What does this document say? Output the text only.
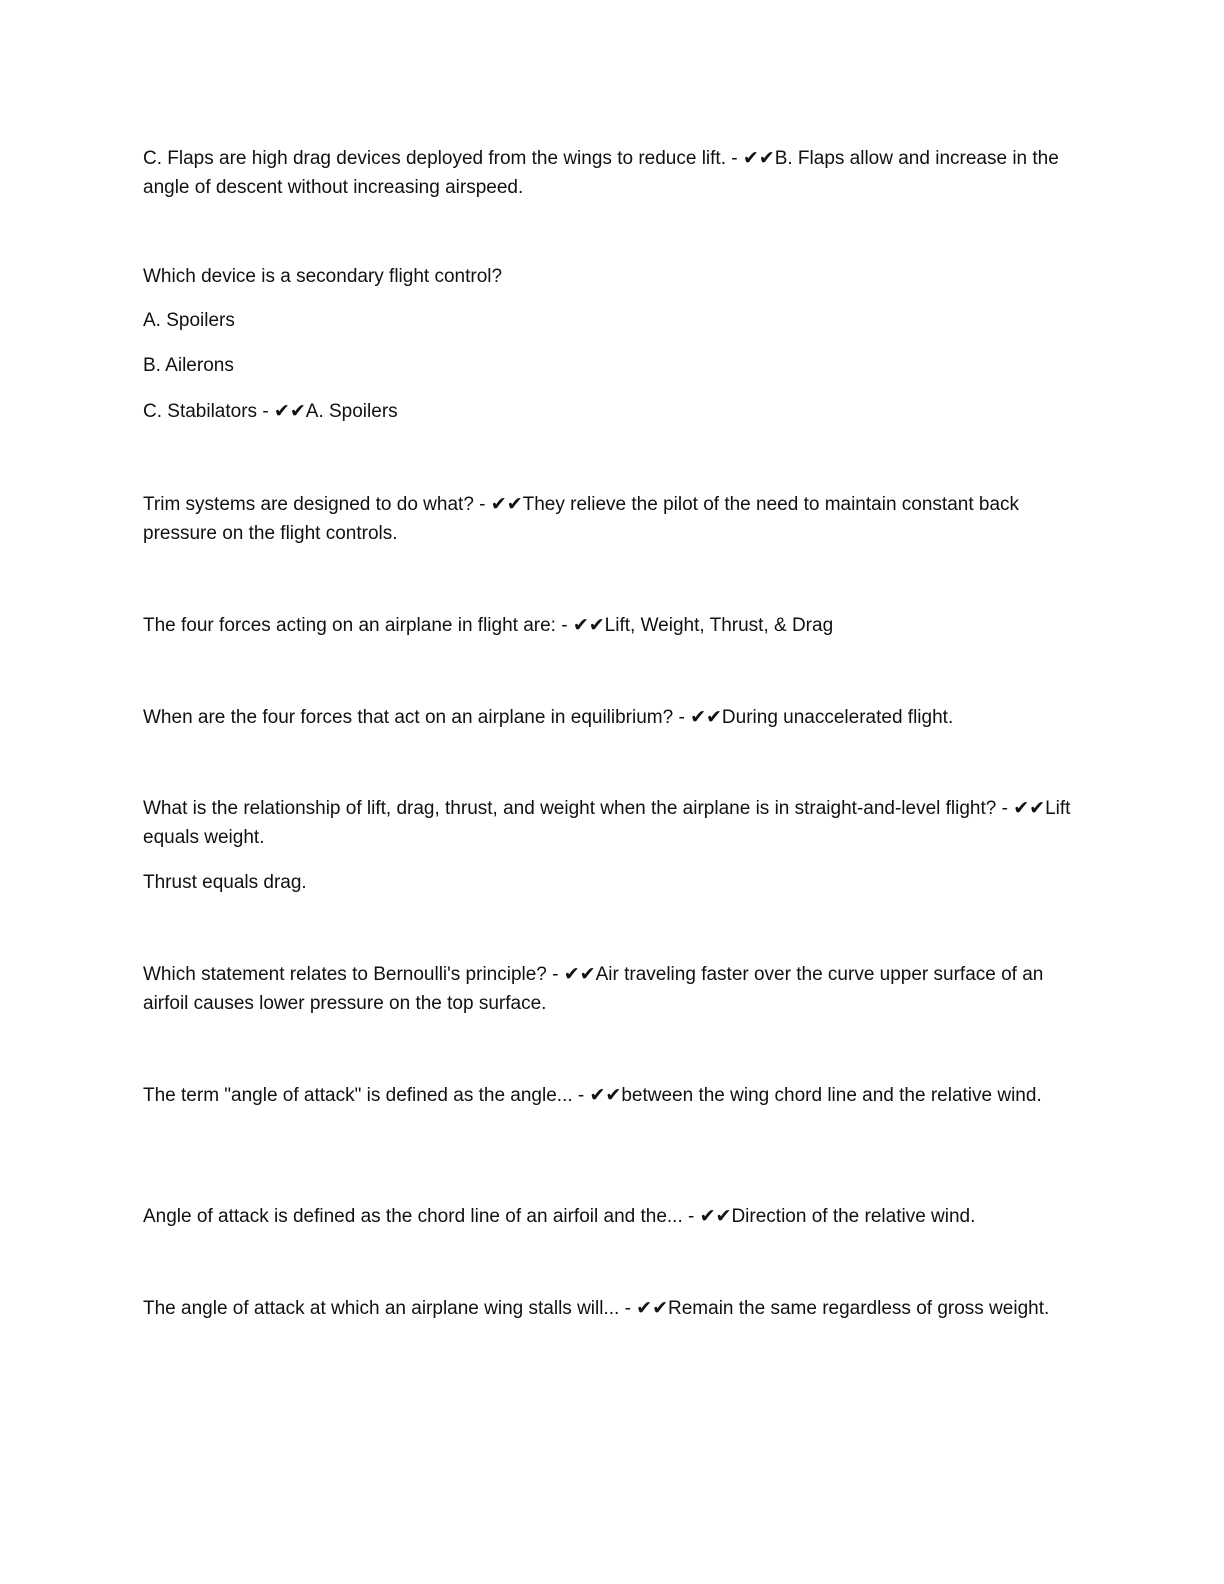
C. Flaps are high drag devices deployed from the wings to reduce lift. - ✔✔B. Flaps allow and increase in the angle of descent without increasing airspeed.

Which device is a secondary flight control?

A. Spoilers

B. Ailerons

C. Stabilators - ✔✔A. Spoilers

Trim systems are designed to do what? - ✔✔They relieve the pilot of the need to maintain constant back pressure on the flight controls.

The four forces acting on an airplane in flight are: - ✔✔Lift, Weight, Thrust, & Drag

When are the four forces that act on an airplane in equilibrium? - ✔✔During unaccelerated flight.

What is the relationship of lift, drag, thrust, and weight when the airplane is in straight-and-level flight? - ✔✔Lift equals weight.

Thrust equals drag.

Which statement relates to Bernoulli's principle? - ✔✔Air traveling faster over the curve upper surface of an airfoil causes lower pressure on the top surface.

The term "angle of attack" is defined as the angle... - ✔✔between the wing chord line and the relative wind.

Angle of attack is defined as the chord line of an airfoil and the... - ✔✔Direction of the relative wind.

The angle of attack at which an airplane wing stalls will... - ✔✔Remain the same regardless of gross weight.
